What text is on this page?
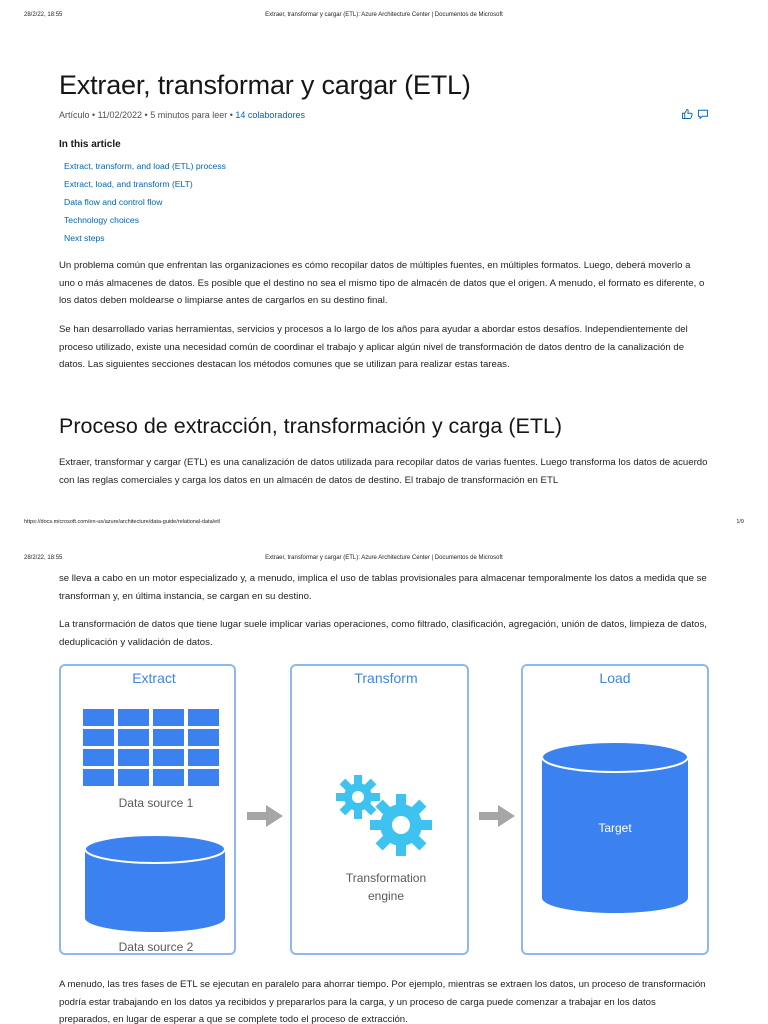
28/2/22, 18:55	Extraer, transformar y cargar (ETL): Azure Architecture Center | Documentos de Microsoft
Extraer, transformar y cargar (ETL)
Artículo • 11/02/2022 • 5 minutos para leer • 14 colaboradores
In this article
Extract, transform, and load (ETL) process
Extract, load, and transform (ELT)
Data flow and control flow
Technology choices
Next steps
Un problema común que enfrentan las organizaciones es cómo recopilar datos de múltiples fuentes, en múltiples formatos. Luego, deberá moverlo a uno o más almacenes de datos. Es posible que el destino no sea el mismo tipo de almacén de datos que el origen. A menudo, el formato es diferente, o los datos deben moldearse o limpiarse antes de cargarlos en su destino final.
Se han desarrollado varias herramientas, servicios y procesos a lo largo de los años para ayudar a abordar estos desafíos. Independientemente del proceso utilizado, existe una necesidad común de coordinar el trabajo y aplicar algún nivel de transformación de datos dentro de la canalización de datos. Las siguientes secciones destacan los métodos comunes que se utilizan para realizar estas tareas.
Proceso de extracción, transformación y carga (ETL)
Extraer, transformar y cargar (ETL) es una canalización de datos utilizada para recopilar datos de varias fuentes. Luego transforma los datos de acuerdo con las reglas comerciales y carga los datos en un almacén de datos de destino. El trabajo de transformación en ETL
https://docs.microsoft.com/en-us/azure/architecture/data-guide/relational-data/etl	1/9
28/2/22, 18:55	Extraer, transformar y cargar (ETL): Azure Architecture Center | Documentos de Microsoft
se lleva a cabo en un motor especializado y, a menudo, implica el uso de tablas provisionales para almacenar temporalmente los datos a medida que se transforman y, en última instancia, se cargan en su destino.
La transformación de datos que tiene lugar suele implicar varias operaciones, como filtrado, clasificación, agregación, unión de datos, limpieza de datos, deduplicación y validación de datos.
Extract
Data source 1
Data source 2
Transform
Transformation
engine
Load
Target
A menudo, las tres fases de ETL se ejecutan en paralelo para ahorrar tiempo. Por ejemplo, mientras se extraen los datos, un proceso de transformación podría estar trabajando en los datos ya recibidos y prepararlos para la carga, y un proceso de carga puede comenzar a trabajar en los datos preparados, en lugar de esperar a que se complete todo el proceso de extracción.
